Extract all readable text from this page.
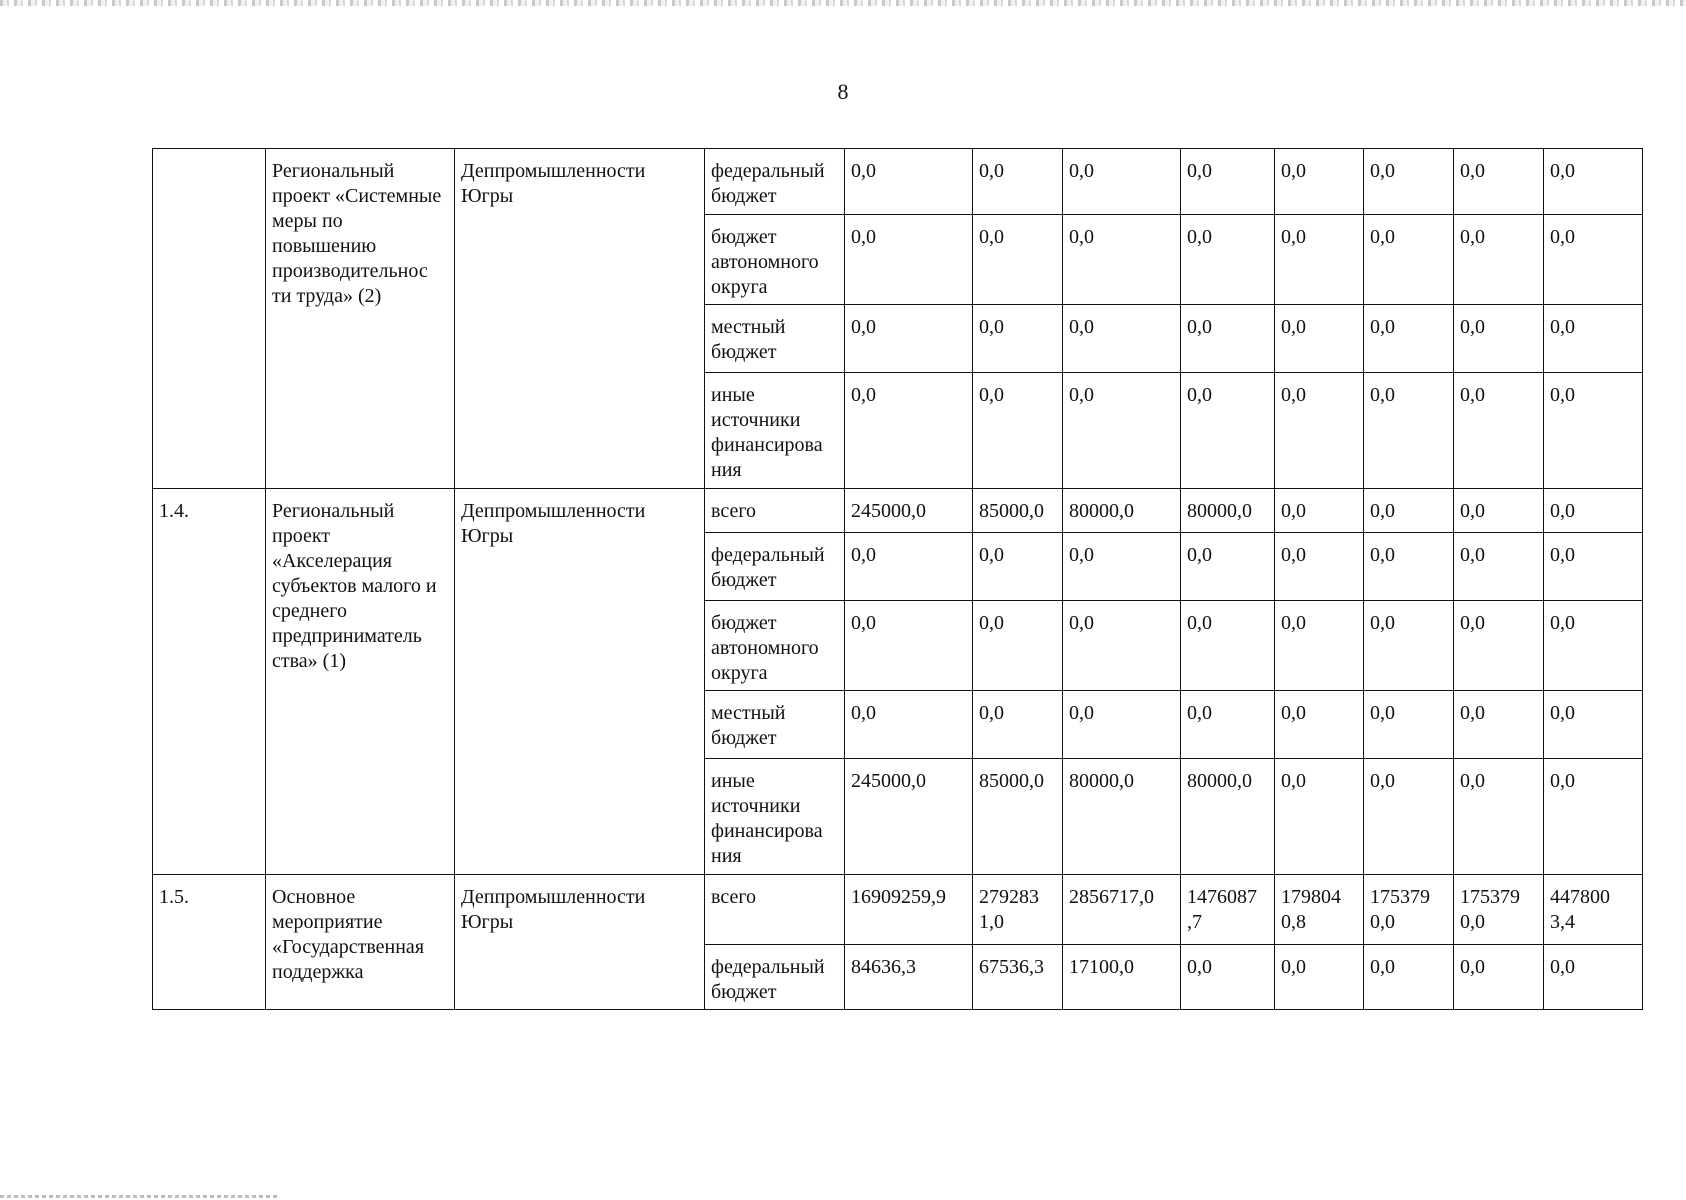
8
	Региональный проект «Системные меры по повышению производительнос ти труда» (2)	Деппромышленности Югры	федеральный бюджет	0,0	0,0	0,0	0,0	0,0	0,0	0,0	0,0
			бюджет автономного округа	0,0	0,0	0,0	0,0	0,0	0,0	0,0	0,0
			местный бюджет	0,0	0,0	0,0	0,0	0,0	0,0	0,0	0,0
			иные источники финансирова ния	0,0	0,0	0,0	0,0	0,0	0,0	0,0	0,0
1.4.	Региональный проект «Акселерация субъектов малого и среднего предприниматель ства» (1)	Деппромышленности Югры	всего	245000,0	85000,0	80000,0	80000,0	0,0	0,0	0,0	0,0
			федеральный бюджет	0,0	0,0	0,0	0,0	0,0	0,0	0,0	0,0
			бюджет автономного округа	0,0	0,0	0,0	0,0	0,0	0,0	0,0	0,0
			местный бюджет	0,0	0,0	0,0	0,0	0,0	0,0	0,0	0,0
			иные источники финансирова ния	245000,0	85000,0	80000,0	80000,0	0,0	0,0	0,0	0,0
1.5.	Основное мероприятие «Государственная поддержка	Деппромышленности Югры	всего	16909259,9	279283 1,0	2856717,0	1476087 ,7	179804 0,8	175379 0,0	175379 0,0	447800 3,4
			федеральный бюджет	84636,3	67536,3	17100,0	0,0	0,0	0,0	0,0	0,0
